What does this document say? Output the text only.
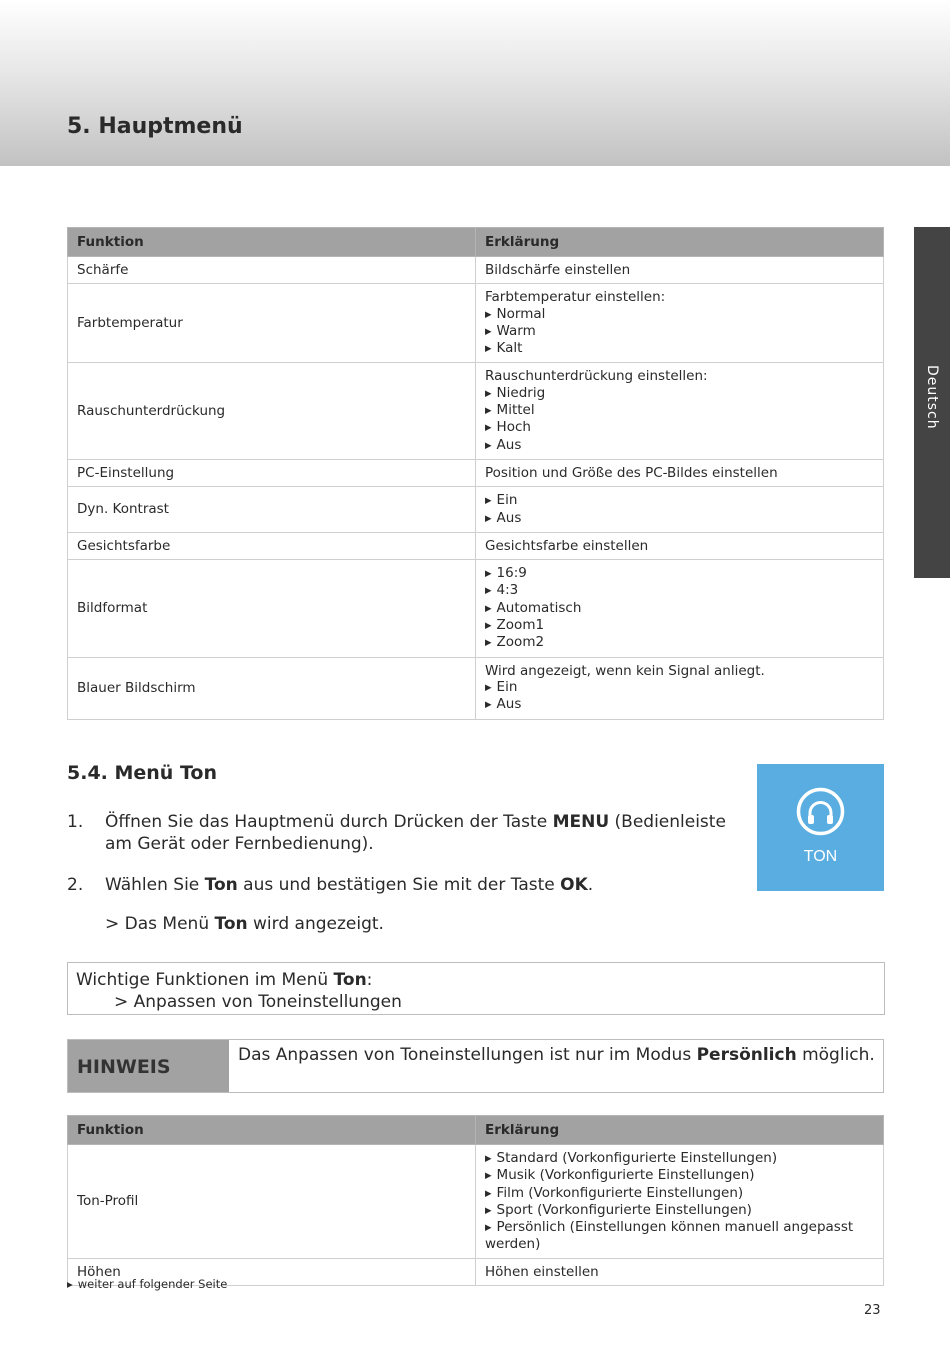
5. Hauptmenü
Deutsch
Funktion	Erklärung
Schärfe	Bildschärfe einstellen

Farbtemperatur	Farbtemperatur einstellen:
▶ Normal
▶ Warm
▶ Kalt

Rauschunterdrückung	Rauschunterdrückung einstellen:
▶ Niedrig
▶ Mittel
▶ Hoch
▶ Aus

PC-Einstellung	Position und Größe des PC-Bildes einstellen

Dyn. Kontrast	▶ Ein
▶ Aus

Gesichtsfarbe	Gesichtsfarbe einstellen

Bildformat	▶ 16:9
▶ 4:3
▶ Automatisch
▶ Zoom1
▶ Zoom2

Blauer Bildschirm	Wird angezeigt, wenn kein Signal anliegt.
▶ Ein
▶ Aus
5.4. Menü Ton
1. Öffnen Sie das Hauptmenü durch Drücken der Taste MENU (Bedienleiste am Gerät oder Fernbedienung).
2. Wählen Sie Ton aus und bestätigen Sie mit der Taste OK.
> Das Menü Ton wird angezeigt.
TON
Wichtige Funktionen im Menü Ton:
> Anpassen von Toneinstellungen
HINWEIS
Das Anpassen von Toneinstellungen ist nur im Modus Persönlich möglich.
Funktion	Erklärung
Ton-Profil	▶ Standard (Vorkonfigurierte Einstellungen)
▶ Musik (Vorkonfigurierte Einstellungen)
▶ Film (Vorkonfigurierte Einstellungen)
▶ Sport (Vorkonfigurierte Einstellungen)
▶ Persönlich (Einstellungen können manuell angepasst werden)

Höhen	Höhen einstellen
▶ weiter auf folgender Seite
23
